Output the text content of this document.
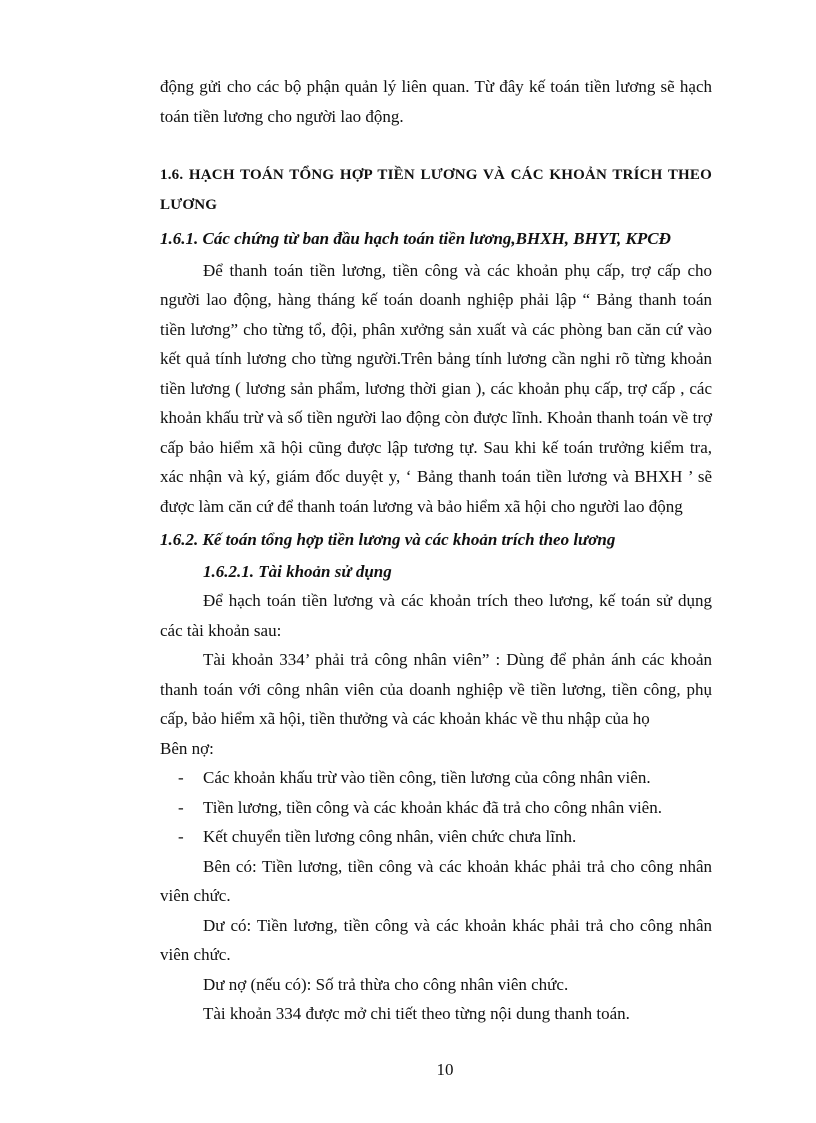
động gửi cho các bộ phận quản lý liên quan. Từ đây kế toán tiền lương sẽ hạch toán tiền lương cho người lao động.

1.6. HẠCH TOÁN TỔNG HỢP TIỀN LƯƠNG VÀ CÁC KHOẢN TRÍCH THEO LƯƠNG

1.6.1. Các chứng từ ban đầu hạch toán tiền lương,BHXH, BHYT, KPCĐ

Để thanh toán tiền lương, tiền công và các khoản phụ cấp, trợ cấp cho người lao động, hàng tháng kế toán doanh nghiệp phải lập “ Bảng thanh toán tiền lương” cho từng tổ, đội, phân xưởng sản xuất và các phòng ban căn cứ vào kết quả tính lương cho từng người.Trên bảng tính lương cần nghi rõ từng khoản tiền lương ( lương sản phẩm, lương thời gian ), các khoản phụ cấp, trợ cấp , các khoản khấu trừ và số tiền người lao động còn được lĩnh. Khoản thanh toán về trợ cấp bảo hiểm xã hội cũng được lập tương tự. Sau khi kế toán trưởng kiểm tra, xác nhận và ký, giám đốc duyệt y, ‘ Bảng thanh toán tiền lương và BHXH ’ sẽ được làm căn cứ để thanh toán lương và bảo hiểm xã hội cho người lao động

1.6.2. Kế toán tổng hợp tiền lương và các khoản trích theo lương

1.6.2.1. Tài khoản sử dụng

Để hạch toán tiền lương và các khoản trích theo lương, kế toán sử dụng các tài khoản sau:

Tài khoản 334’ phải trả công nhân viên” : Dùng để phản ánh các khoản thanh toán với công nhân viên của doanh nghiệp về tiền lương, tiền công, phụ cấp, bảo hiểm xã hội, tiền thưởng và các khoản khác về thu nhập của họ

Bên nợ:

- Các khoản khấu trừ vào tiền công, tiền lương của công nhân viên.
- Tiền lương, tiền công và các khoản khác đã trả cho công nhân viên.
- Kết chuyển tiền lương công nhân, viên chức chưa lĩnh.

Bên có: Tiền lương, tiền công và các khoản khác phải trả cho công nhân viên chức.

Dư có: Tiền lương, tiền công và các khoản khác phải trả cho công nhân viên chức.

Dư nợ (nếu có): Số trả thừa cho công nhân viên chức.

Tài khoản 334 được mở chi tiết theo từng nội dung thanh toán.

10
